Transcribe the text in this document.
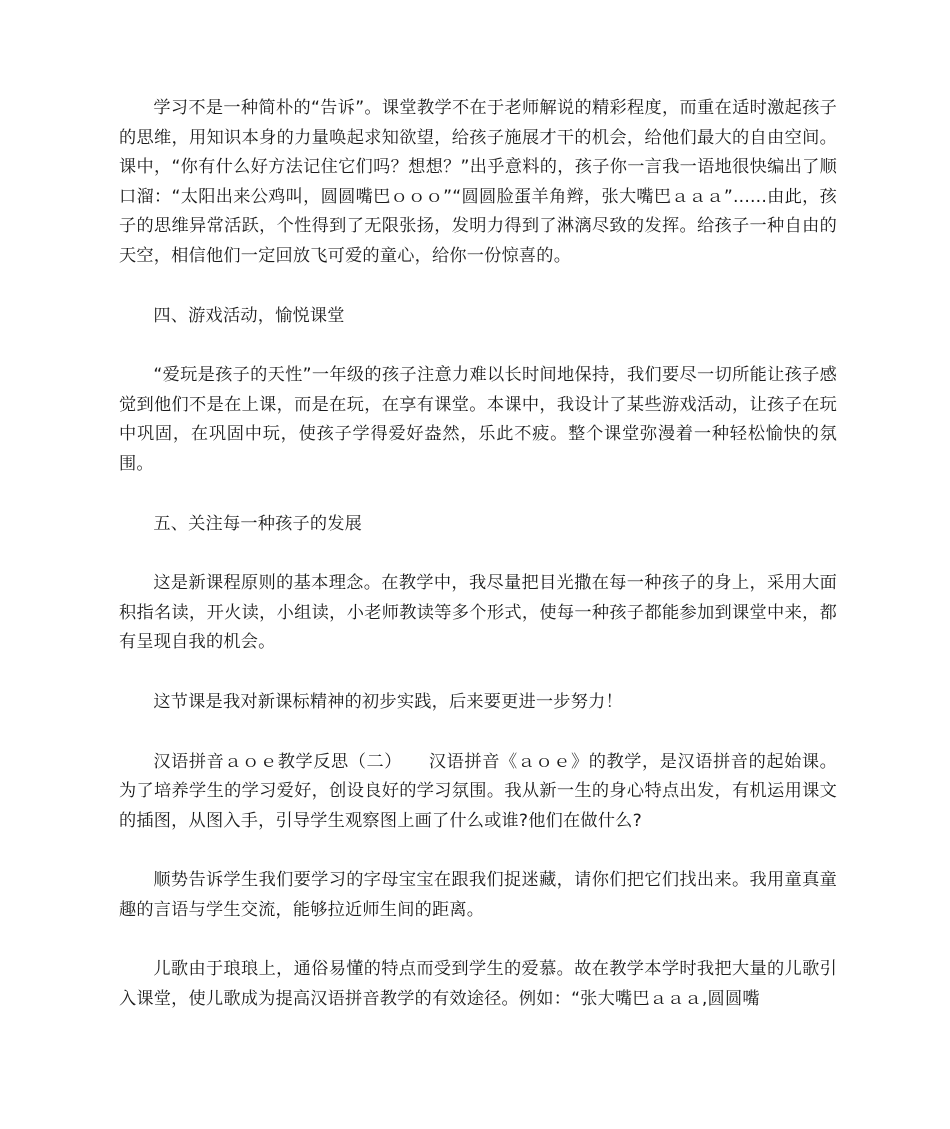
学习不是一种简朴的“告诉”。课堂教学不在于老师解说的精彩程度，而重在适时激起孩子的思维，用知识本身的力量唤起求知欲望，给孩子施展才干的机会，给他们最大的自由空间。课中，“你有什么好方法记住它们吗？想想？”出乎意料的，孩子你一言我一语地很快编出了顺口溜：“太阳出来公鸡叫，圆圆嘴巴ｏｏｏ”“圆圆脸蛋羊角辫，张大嘴巴ａａａ”......由此，孩子的思维异常活跃，个性得到了无限张扬，发明力得到了淋漓尽致的发挥。给孩子一种自由的天空，相信他们一定回放飞可爱的童心，给你一份惊喜的。

四、游戏活动，愉悦课堂

“爱玩是孩子的天性”一年级的孩子注意力难以长时间地保持，我们要尽一切所能让孩子感觉到他们不是在上课，而是在玩，在享有课堂。本课中，我设计了某些游戏活动，让孩子在玩中巩固，在巩固中玩，使孩子学得爱好盎然，乐此不疲。整个课堂弥漫着一种轻松愉快的氛围。

五、关注每一种孩子的发展

这是新课程原则的基本理念。在教学中，我尽量把目光撒在每一种孩子的身上，采用大面积指名读，开火读，小组读，小老师教读等多个形式，使每一种孩子都能参加到课堂中来，都有呈现自我的机会。

这节课是我对新课标精神的初步实践，后来要更进一步努力！

汉语拼音ａｏｅ教学反思（二）　　汉语拼音《ａｏｅ》的教学，是汉语拼音的起始课。为了培养学生的学习爱好，创设良好的学习氛围。我从新一生的身心特点出发，有机运用课文的插图，从图入手，引导学生观察图上画了什么或谁?他们在做什么?

顺势告诉学生我们要学习的字母宝宝在跟我们捉迷藏，请你们把它们找出来。我用童真童趣的言语与学生交流，能够拉近师生间的距离。

儿歌由于琅琅上，通俗易懂的特点而受到学生的爱慕。故在教学本学时我把大量的儿歌引入课堂，使儿歌成为提高汉语拼音教学的有效途径。例如：“张大嘴巴ａａａ,圆圆嘴
